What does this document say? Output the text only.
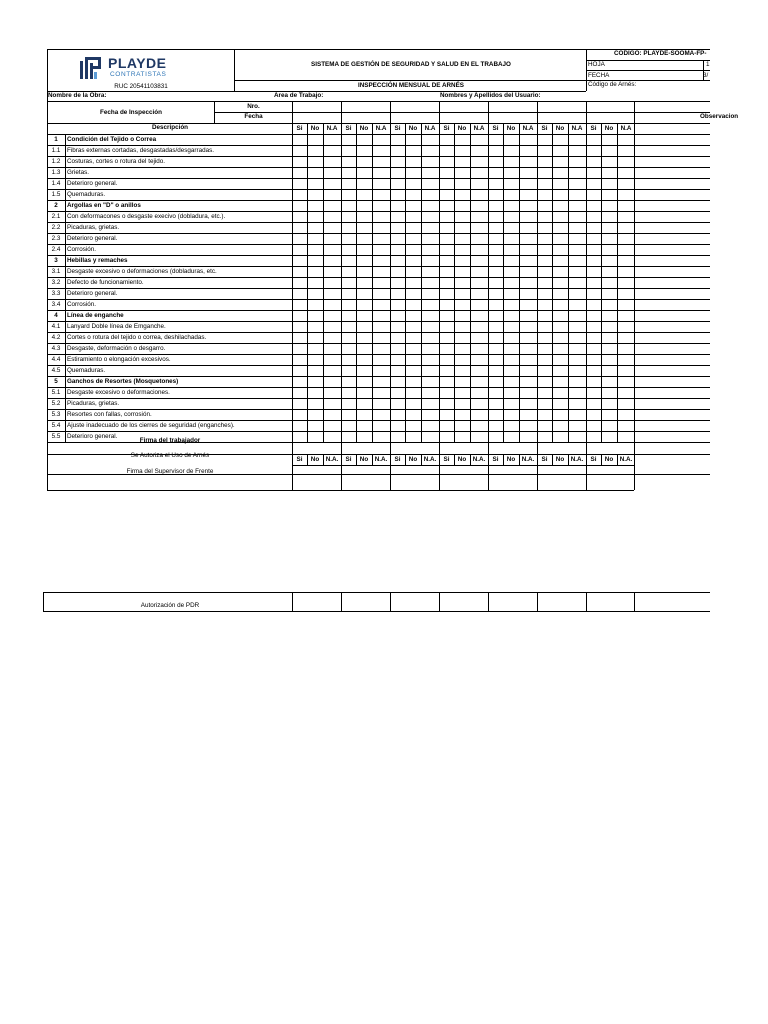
PLAYDE
CONTRATISTAS
RUC 20541103831
SISTEMA DE GESTIÓN DE SEGURIDAD Y SALUD EN EL TRABAJO
INSPECCIÓN MENSUAL DE ARNÉS
CODIGO: PLAYDE-SOOMA-FP-
HOJA	1
FECHA	3/
Código de Arnés:
Nombre de la Obra:	Area de Trabajo:	Nombres y Apellidos del Usuario:
Fecha de Inspección
Nro.
Fecha	Observacion
Descripción
Firma del trabajador
Se Autoriza el Uso de Arnés
Firma del Supervisor de Frente
Autorización de PDR
Si	No	N.A	Si	No	N.A	Si	No	N.A	Si	No	N.A	Si	No	N.A	Si	No	N.A	Si	No	N.A
1	Condición del Tejido o Correa
1.1	Fibras externas cortadas, desgastadas/desgarradas.
1.2	Costuras, cortes o rotura del tejido.
1.3	Grietas.
1.4	Deterioro general.
1.5	Quemaduras.
2	Argollas en "D" o anillos
2.1	Con deformacones o desgaste execivo (dobladura, etc.).
2.2	Picaduras, grietas.
2.3	Deterioro general.
2.4	Corrosión.
3	Hebillas y remaches
3.1	Desgaste excesivo o deformaciones (dobladuras, etc.
3.2	Defecto de funcionamiento.
3.3	Deterioro general.
3.4	Corrosión.
4	Línea de enganche
4.1	Lanyard Doble línea de Emganche.
4.2	Cortes o rotura del tejido o correa, deshilachadas.
4.3	Desgaste, deformación o desgarro.
4.4	Estiramiento o elongación excesivos.
4.5	Quemaduras.
5	Ganchos de Resortes (Mosquetones)
5.1	Desgaste excesivo o deformaciones.
5.2	Picaduras, grietas.
5.3	Resortes con fallas, corrosión.
5.4	Ajuste inadecuado de los cierres de seguridad (enganches).
5.5	Deterioro general.
Si	No	N.A.	Si	No	N.A.	Si	No	N.A.	Si	No	N.A.	Si	No	N.A.	Si	No	N.A.	Si	No	N.A.
